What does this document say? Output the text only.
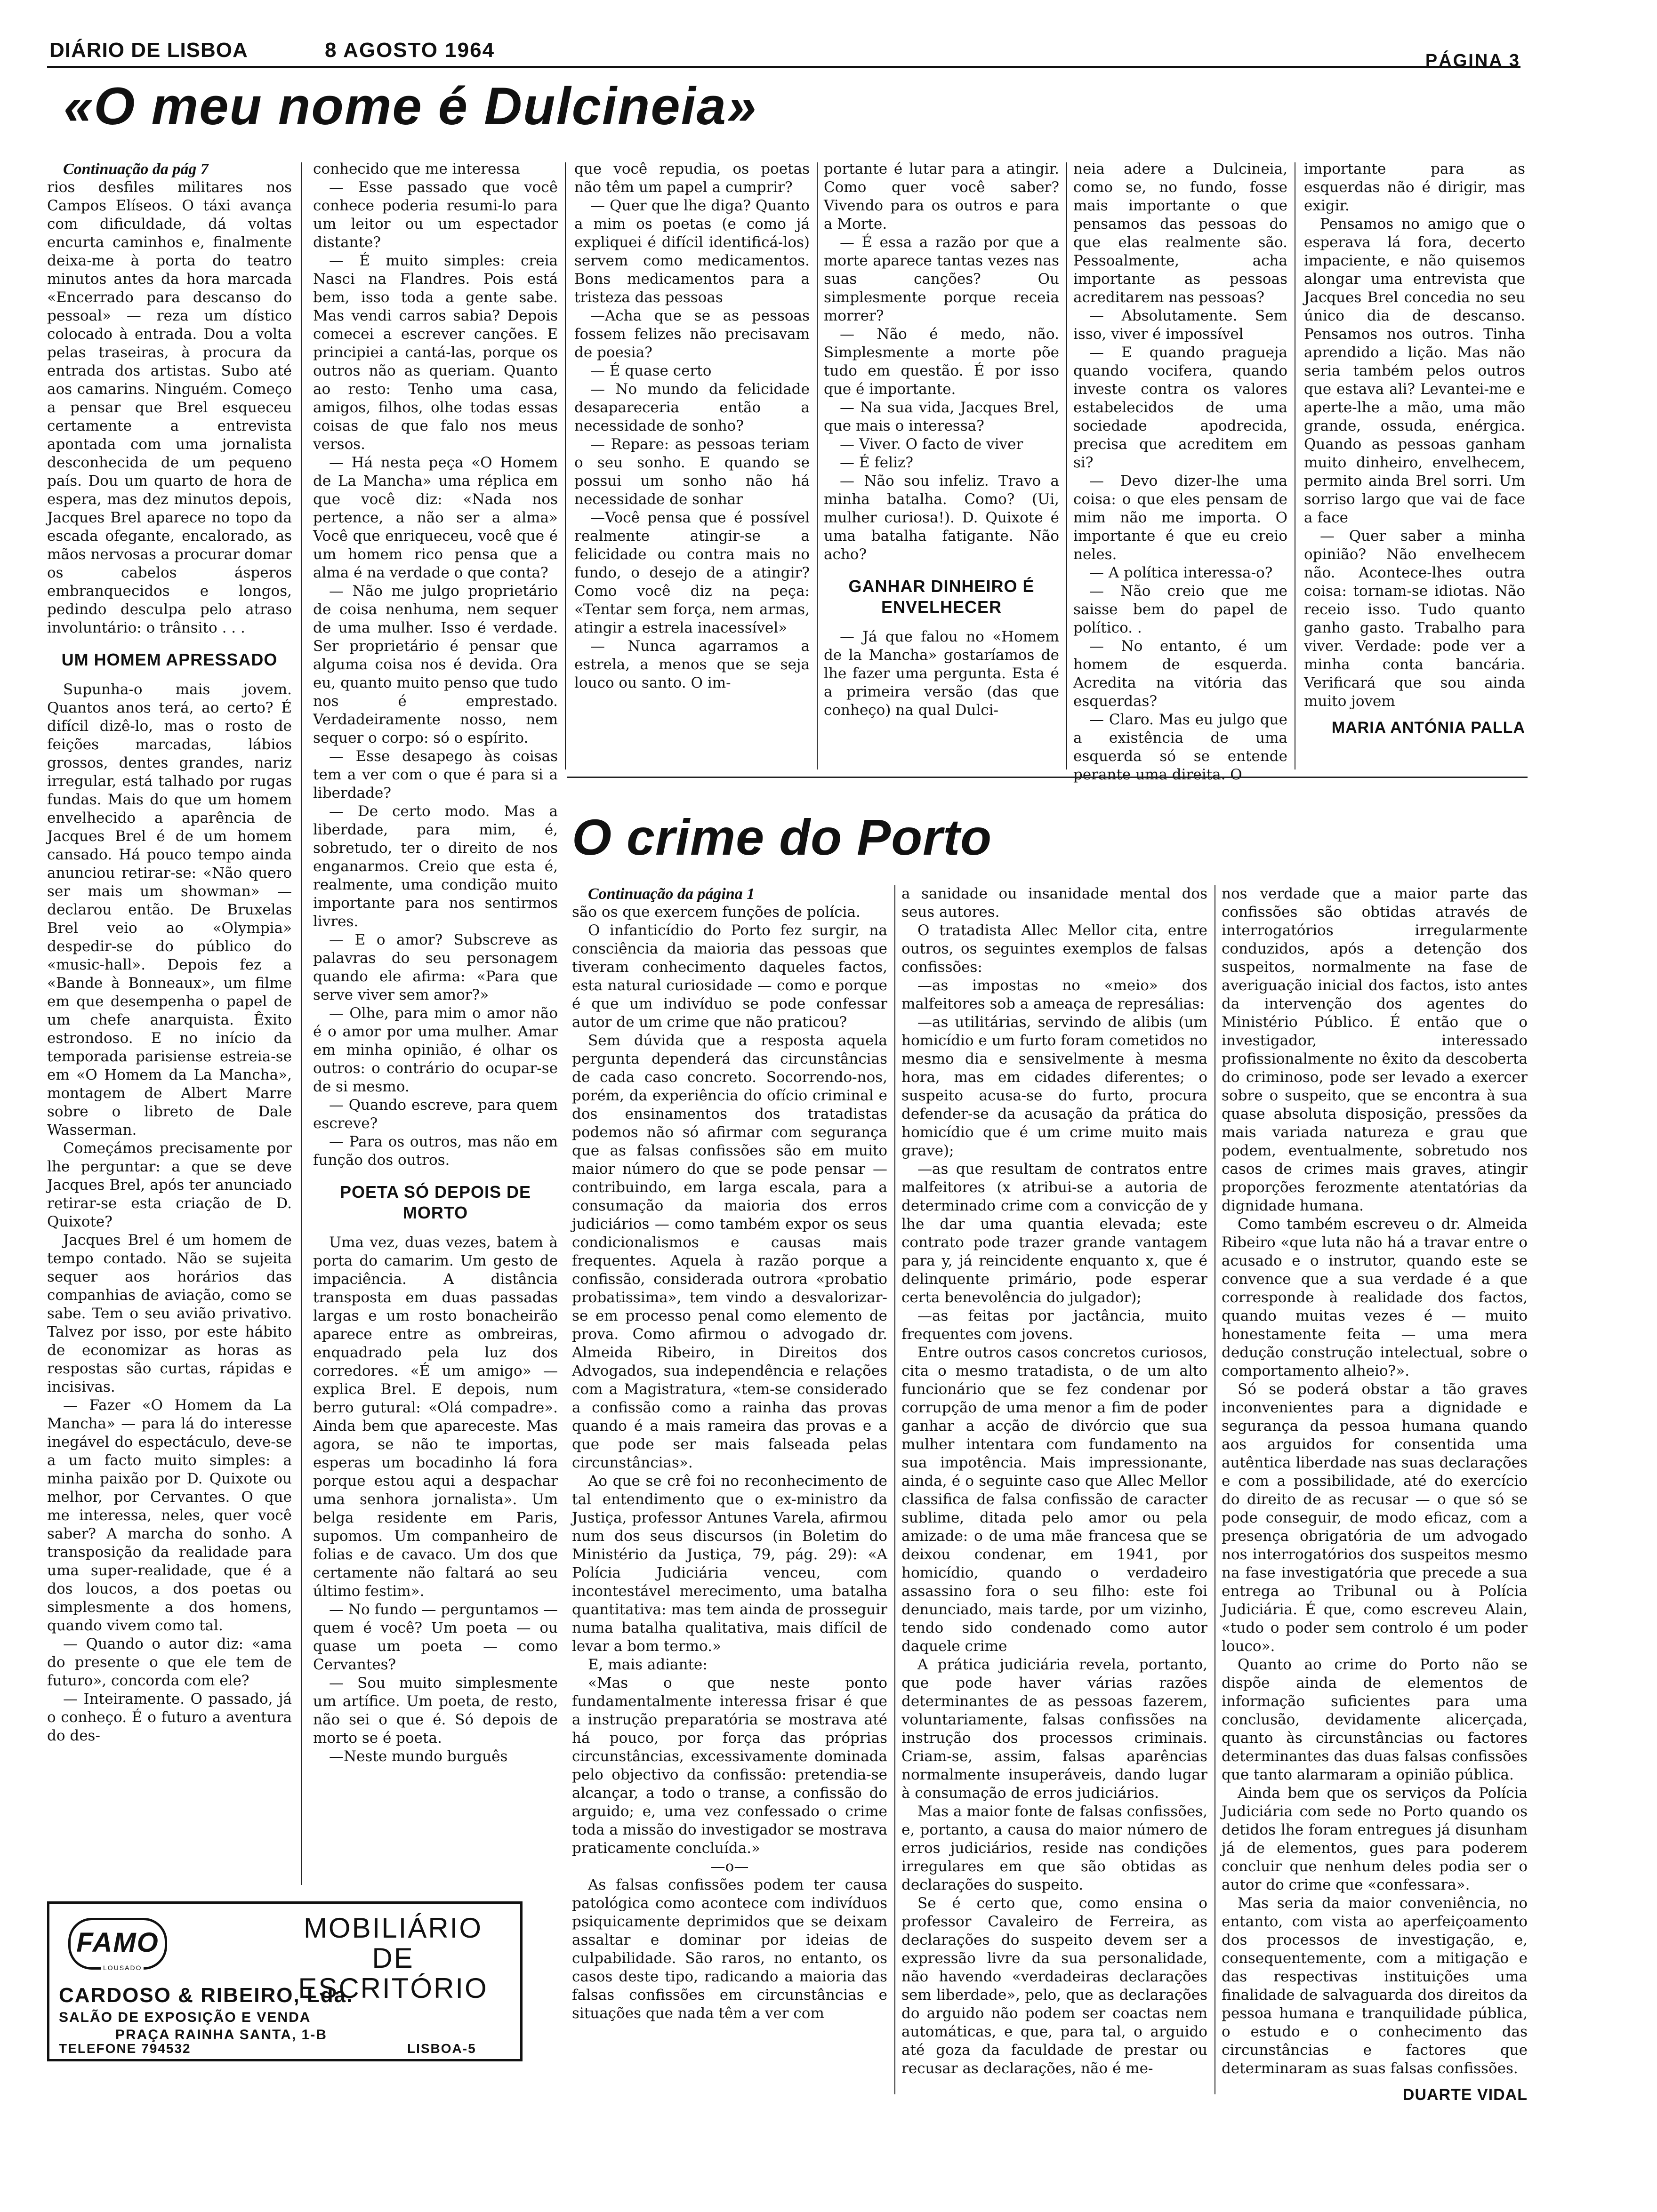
DIÁRIO DE LISBOA	8 AGOSTO 1964	PÁGINA 3
«O meu nome é Dulcineia»

Continuação da pág 7

rios desfiles militares nos Campos Elíseos. O táxi avança com dificuldade, dá voltas encurta caminhos e, finalmente deixa-me à porta do teatro minutos antes da hora marcada «Encerrado para descanso do pessoal» — reza um dístico colocado à entrada. Dou a volta pelas traseiras, à procura da entrada dos artistas. Subo até aos camarins. Ninguém. Começo a pensar que Brel esqueceu certamente a entrevista apontada com uma jornalista desconhecida de um pequeno país. Dou um quarto de hora de espera, mas dez minutos depois, Jacques Brel aparece no topo da escada ofegante, encalorado, as mãos nervosas a procurar domar os cabelos ásperos embranquecidos e longos, pedindo desculpa pelo atraso involuntário: o trânsito . . .

UM HOMEM APRESSADO

Supunha-o mais jovem. Quantos anos terá, ao certo? É difícil dizê-lo, mas o rosto de feições marcadas, lábios grossos, dentes grandes, nariz irregular, está talhado por rugas fundas. Mais do que um homem envelhecido a aparência de Jacques Brel é de um homem cansado. Há pouco tempo ainda anunciou retirar-se: «Não quero ser mais um showman» — declarou então. De Bruxelas Brel veio ao «Olympia» despedir-se do público do «music-hall». Depois fez a «Bande à Bonneaux», um filme em que desempenha o papel de um chefe anarquista. Êxito estrondoso. E no início da temporada parisiense estreia-se em «O Homem da La Mancha», montagem de Albert Marre sobre o libreto de Dale Wasserman.

Começámos precisamente por lhe perguntar: a que se deve Jacques Brel, após ter anunciado retirar-se esta criação de D. Quixote?

Jacques Brel é um homem de tempo contado. Não se sujeita sequer aos horários das companhias de aviação, como se sabe. Tem o seu avião privativo. Talvez por isso, por este hábito de economizar as horas as respostas são curtas, rápidas e incisivas.

— Fazer «O Homem da La Mancha» — para lá do interesse inegável do espectáculo, deve-se a um facto muito simples: a minha paixão por D. Quixote ou melhor, por Cervantes. O que me interessa, neles, quer você saber? A marcha do sonho. A transposição da realidade para uma super-realidade, que é a dos loucos, a dos poetas ou simplesmente a dos homens, quando vivem como tal.

— Quando o autor diz: «ama do presente o que ele tem de futuro», concorda com ele?

— Inteiramente. O passado, já o conheço. É o futuro a aventura do des-

conhecido que me interessa

— Esse passado que você conhece poderia resumi-lo para um leitor ou um espectador distante?

— É muito simples: creia Nasci na Flandres. Pois está bem, isso toda a gente sabe. Mas vendi carros sabia? Depois comecei a escrever canções. E principiei a cantá-las, porque os outros não as queriam. Quanto ao resto: Tenho uma casa, amigos, filhos, olhe todas essas coisas de que falo nos meus versos.

— Há nesta peça «O Homem de La Mancha» uma réplica em que você diz: «Nada nos pertence, a não ser a alma» Você que enriqueceu, você que é um homem rico pensa que a alma é na verdade o que conta?

— Não me julgo proprietário de coisa nenhuma, nem sequer de uma mulher. Isso é verdade. Ser proprietário é pensar que alguma coisa nos é devida. Ora eu, quanto muito penso que tudo nos é emprestado. Verdadeiramente nosso, nem sequer o corpo: só o espírito.

— Esse desapego às coisas tem a ver com o que é para si a liberdade?

— De certo modo. Mas a liberdade, para mim, é, sobretudo, ter o direito de nos enganarmos. Creio que esta é, realmente, uma condição muito importante para nos sentirmos livres.

— E o amor? Subscreve as palavras do seu personagem quando ele afirma: «Para que serve viver sem amor?»

— Olhe, para mim o amor não é o amor por uma mulher. Amar em minha opinião, é olhar os outros: o contrário do ocupar-se de si mesmo.

— Quando escreve, para quem escreve?

— Para os outros, mas não em função dos outros.

POETA SÓ DEPOIS DE MORTO

Uma vez, duas vezes, batem à porta do camarim. Um gesto de impaciência. A distância transposta em duas passadas largas e um rosto bonacheirão aparece entre as ombreiras, enquadrado pela luz dos corredores. «É um amigo» — explica Brel. E depois, num berro gutural: «Olá compadre». Ainda bem que apareceste. Mas agora, se não te importas, esperas um bocadinho lá fora porque estou aqui a despachar uma senhora jornalista». Um belga residente em Paris, supomos. Um companheiro de folias e de cavaco. Um dos que certamente não faltará ao seu último festim».

— No fundo — perguntamos — quem é você? Um poeta — ou quase um poeta — como Cervantes?

— Sou muito simplesmente um artífice. Um poeta, de resto, não sei o que é. Só depois de morto se é poeta.

—Neste mundo burguês

que você repudia, os poetas não têm um papel a cumprir?

— Quer que lhe diga? Quanto a mim os poetas (e como já expliquei é difícil identificá-los) servem como medicamentos. Bons medicamentos para a tristeza das pessoas

—Acha que se as pessoas fossem felizes não precisavam de poesia?

— É quase certo

— No mundo da felicidade desapareceria então a necessidade de sonho?

— Repare: as pessoas teriam o seu sonho. E quando se possui um sonho não há necessidade de sonhar

—Você pensa que é possível realmente atingir-se a felicidade ou contra mais no fundo, o desejo de a atingir? Como você diz na peça: «Tentar sem força, nem armas, atingir a estrela inacessível»

— Nunca agarramos a estrela, a menos que se seja louco ou santo. O im-

portante é lutar para a atingir. Como quer você saber? Vivendo para os outros e para a Morte.

— É essa a razão por que a morte aparece tantas vezes nas suas canções? Ou simplesmente porque receia morrer?

— Não é medo, não. Simplesmente a morte põe tudo em questão. É por isso que é importante.

— Na sua vida, Jacques Brel, que mais o interessa?

— Viver. O facto de viver

— É feliz?

— Não sou infeliz. Travo a minha batalha. Como? (Ui, mulher curiosa!). D. Quixote é uma batalha fatigante. Não acho?

GANHAR DINHEIRO É ENVELHECER

— Já que falou no «Homem de la Mancha» gostaríamos de lhe fazer uma pergunta. Esta é a primeira versão (das que conheço) na qual Dulci-

neia adere a Dulcineia, como se, no fundo, fosse mais importante o que pensamos das pessoas do que elas realmente são. Pessoalmente, acha importante as pessoas acreditarem nas pessoas?

— Absolutamente. Sem isso, viver é impossível

— E quando praguejа quando vocifera, quando investe contra os valores estabelecidos de uma sociedade apodrecida, precisa que acreditem em si?

— Devo dizer-lhe uma coisa: o que eles pensam de mim não me importa. O importante é que eu creio neles.

— A política interessa-o?

— Não creio que me saisse bem do papel de político. .

— No entanto, é um homem de esquerda. Acredita na vitória das esquerdas?

— Claro. Mas eu julgo que a existência de uma esquerda só se entende perante uma direita. O

importante para as esquerdas não é dirigir, mas exigir.

Pensamos no amigo que o esperava lá fora, decerto impaciente, e não quisemos alongar uma entrevista que Jacques Brel concedia no seu único dia de descanso. Pensamos nos outros. Tinha aprendido a lição. Mas não seria também pelos outros que estava ali? Levantei-me e aperte-lhe a mão, uma mão grande, ossuda, enérgica. Quando as pessoas ganham muito dinheiro, envelhecem, permito ainda Brel sorri. Um sorriso largo que vai de face a face

— Quer saber a minha opinião? Não envelhecem não. Acontece-lhes outra coisa: tornam-se idiotas. Não receio isso. Tudo quanto ganho gasto. Trabalho para viver. Verdade: pode ver a minha conta bancária. Verificará que sou ainda muito jovem

MARIA ANTÓNIA PALLA
O crime do Porto

Continuação da página 1

são os que exercem funções de polícia.

O infanticídio do Porto fez surgir, na consciência da maioria das pessoas que tiveram conhecimento daqueles factos, esta natural curiosidade — como e porque é que um indivíduo se pode confessar autor de um crime que não praticou?

Sem dúvida que a resposta aquela pergunta dependerá das circunstâncias de cada caso concreto. Socorrendo-nos, porém, da experiência do ofício criminal e dos ensinamentos dos tratadistas podemos não só afirmar com segurança que as falsas confissões são em muito maior número do que se pode pensar — contribuindo, em larga escala, para a consumação da maioria dos erros judiciários — como também expor os seus condicionalismos e causas mais frequentes. Aquela à razão porque a confissão, considerada outrora «probatio probatissima», tem vindo a desvalorizar-se em processo penal como elemento de prova. Como afirmou o advogado dr. Almeida Ribeiro, in Direitos dos Advogados, sua independência e relações com a Magistratura, «tem-se considerado a confissão como a rainha das provas quando é a mais rameira das provas e a que pode ser mais falseada pelas circunstâncias».

Ao que se crê foi no reconhecimento de tal entendimento que o ex-ministro da Justiça, professor Antunes Varela, afirmou num dos seus discursos (in Boletim do Ministério da Justiça, 79, pág. 29): «A Polícia Judiciária venceu, com incontestável merecimento, uma batalha quantitativa: mas tem ainda de prosseguir numa batalha qualitativa, mais difícil de levar a bom termo.»

E, mais adiante:

«Mas o que neste ponto fundamentalmente interessa frisar é que a instrução preparatória se mostrava até há pouco, por força das próprias circunstâncias, excessivamente dominada pelo objectivo da confissão: pretendia-se alcançar, a todo o transe, a confissão do arguido; e, uma vez confessado o crime toda a missão do investigador se mostrava praticamente concluída.»

—o—

As falsas confissões podem ter causa patológica como acontece com indivíduos psiquicamente deprimidos que se deixam assaltar e dominar por ideias de culpabilidade. São raros, no entanto, os casos deste tipo, radicando a maioria das falsas confissões em circunstâncias e situações que nada têm a ver com

a sanidade ou insanidade mental dos seus autores.

O tratadista Allec Mellor cita, entre outros, os seguintes exemplos de falsas confissões:

—as impostas no «meio» dos malfeitores sob a ameaça de represálias:

—as utilitárias, servindo de alibis (um homicídio e um furto foram cometidos no mesmo dia e sensivelmente à mesma hora, mas em cidades diferentes; o suspeito acusa-se do furto, procura defender-se da acusação da prática do homicídio que é um crime muito mais grave);

—as que resultam de contratos entre malfeitores (x atribui-se a autoria de determinado crime com a convicção de y lhe dar uma quantia elevada; este contrato pode trazer grande vantagem para y, já reincidente enquanto x, que é delinquente primário, pode esperar certa benevolência do julgador);

—as feitas por jactância, muito frequentes com jovens.

Entre outros casos concretos curiosos, cita o mesmo tratadista, o de um alto funcionário que se fez condenar por corrupção de uma menor a fim de poder ganhar a acção de divórcio que sua mulher intentara com fundamento na sua impotência. Mais impressionante, ainda, é o seguinte caso que Allec Mellor classifica de falsa confissão de caracter sublime, ditada pelo amor ou pela amizade: o de uma mãe francesa que se deixou condenar, em 1941, por homicídio, quando o verdadeiro assassino fora o seu filho: este foi denunciado, mais tarde, por um vizinho, tendo sido condenado como autor daquele crime

A prática judiciária revela, portanto, que pode haver várias razões determinantes de as pessoas fazerem, voluntariamente, falsas confissões na instrução dos processos criminais. Criam-se, assim, falsas aparências normalmente insuperáveis, dando lugar à consumação de erros judiciários.

Mas a maior fonte de falsas confissões, e, portanto, a causa do maior número de erros judiciários, reside nas condições irregulares em que são obtidas as declarações do suspeito.

Se é certo que, como ensina o professor Cavaleiro de Ferreira, as declarações do suspeito devem ser a expressão livre da sua personalidade, não havendo «verdadeiras declarações sem liberdade», pelo, que as declarações do arguido não podem ser coactas nem automáticas, e que, para tal, o arguido até goza da faculdade de prestar ou recusar as declarações, não é me-

nos verdade que a maior parte das confissões são obtidas através de interrogatórios irregularmente conduzidos, após a detenção dos suspeitos, normalmente na fase de averiguação inicial dos factos, isto antes da intervenção dos agentes do Ministério Público. É então que o investigador, interessado profissionalmente no êxito da descoberta do criminoso, pode ser levado a exercer sobre o suspeito, que se encontra à sua quase absoluta disposição, pressões da mais variada natureza e grau que podem, eventualmente, sobretudo nos casos de crimes mais graves, atingir proporções ferozmente atentatórias da dignidade humana.

Como também escreveu o dr. Almeida Ribeiro «que luta não há a travar entre o acusado e o instrutor, quando este se convence que a sua verdade é a que corresponde à realidade dos factos, quando muitas vezes é — muito honestamente feita — uma mera dedução construção intelectual, sobre o comportamento alheio?».

Só se poderá obstar a tão graves inconvenientes para a dignidade e segurança da pessoa humana quando aos arguidos for consentida uma autêntica liberdade nas suas declarações e com a possibilidade, até do exercício do direito de as recusar — o que só se pode conseguir, de modo eficaz, com a presença obrigatória de um advogado nos interrogatórios dos suspeitos mesmo na fase investigatória que precede a sua entrega ao Tribunal ou à Polícia Judiciária. É que, como escreveu Alain, «tudo o poder sem controlo é um poder louco».

Quanto ao crime do Porto não se dispõe ainda de elementos de informação suficientes para uma conclusão, devidamente alicerçada, quanto às circunstâncias ou factores determinantes das duas falsas confissões que tanto alarmaram a opinião pública.

Ainda bem que os serviços da Polícia Judiciária com sede no Porto quando os detidos lhe foram entregues já disunham já de elementos, gues para poderem concluir que nenhum deles podia ser o autor do crime que «confessara».

Mas seria da maior conveniência, no entanto, com vista ao aperfeiçoamento dos processos de investigação, e, consequentemente, com a mitigação e das respectivas instituições uma finalidade de salvaguarda dos direitos da pessoa humana e tranquilidade pública, o estudo e o conhecimento das circunstâncias e factores que determinaram as suas falsas confissões.

DUARTE VIDAL
FAMO
LOUSADO
MOBILIÁRIO
DE ESCRITÓRIO
CARDOSO & RIBEIRO, Lda.
SALÃO DE EXPOSIÇÃO E VENDA
PRAÇA RAINHA SANTA, 1-B
TELEFONE 794532	LISBOA-5
